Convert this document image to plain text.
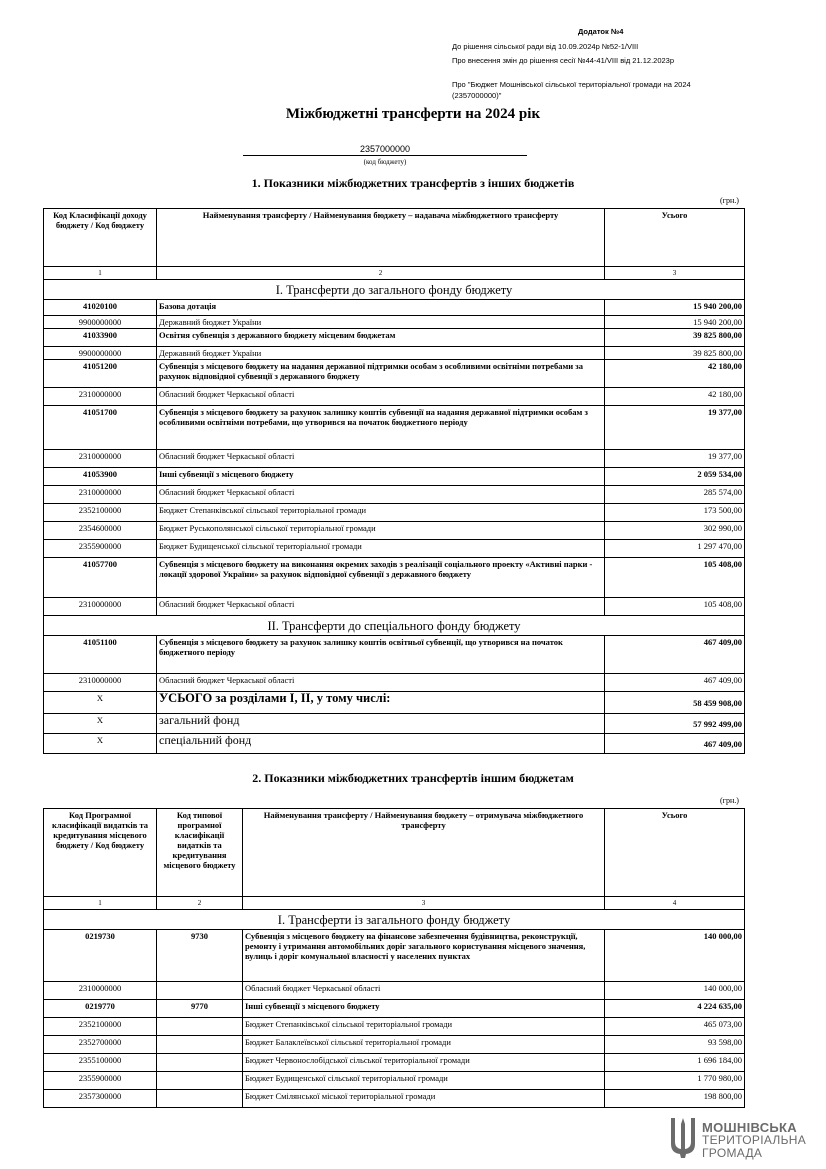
Додаток №4
До рішення сільської ради від 10.09.2024р №52-1/VIII
Про внесення змін до рішення сесії №44-41/VIII від 21.12.2023р
Про "Бюджет Мошнівської сільської територіальної громади на 2024
(2357000000)"
Міжбюджетні трансферти на 2024 рік
2357000000
(код бюджету)
1. Показники міжбюджетних трансфертів з інших бюджетів
(грн.)
Код Класифікації доходу бюджету / Код бюджету	Найменування трансферту / Найменування бюджету – надавача міжбюджетного трансферту	Усього
1	2	3
I. Трансферти до загального фонду бюджету		
41020100	Базова дотація	15 940 200,00
9900000000	Державний бюджет України	15 940 200,00
41033900	Освітня субвенція з державного бюджету місцевим бюджетам	39 825 800,00
9900000000	Державний бюджет України	39 825 800,00
41051200	Субвенція з місцевого бюджету на надання державної підтримки особам з особливими освітніми потребами за рахунок відповідної субвенції з державного бюджету	42 180,00
2310000000	Обласний бюджет Черкаської області	42 180,00
41051700	Субвенція з місцевого бюджету за рахунок залишку коштів субвенції на надання державної підтримки особам з особливими освітніми потребами, що утворився на початок бюджетного періоду	19 377,00
2310000000	Обласний бюджет Черкаської області	19 377,00
41053900	Інші субвенції з місцевого бюджету	2 059 534,00
2310000000	Обласний бюджет Черкаської області	285 574,00
2352100000	Бюджет Степанківської сільської територіальної громади	173 500,00
2354600000	Бюджет Руськополянської сільської територіальної громади	302 990,00
2355900000	Бюджет Будищенської сільської територіальної громади	1 297 470,00
41057700	Субвенція з місцевого бюджету на виконання окремих заходів з реалізації соціального проекту «Активні парки - локації здорової України» за рахунок відповідної субвенції з державного бюджету	105 408,00
2310000000	Обласний бюджет Черкаської області	105 408,00
II. Трансферти до спеціального фонду бюджету		
41051100	Субвенція з місцевого бюджету за рахунок залишку коштів освітньої субвенції, що утворився на початок бюджетного періоду	467 409,00
2310000000	Обласний бюджет Черкаської області	467 409,00
X	УСЬОГО за розділами І, ІІ, у тому числі:	58 459 908,00
X	загальний фонд	57 992 499,00
X	спеціальний фонд	467 409,00
2. Показники міжбюджетних трансфертів іншим бюджетам
(грн.)
Код Програмної класифікації видатків та кредитування місцевого бюджету / Код бюджету	Код типової програмної класифікації видатків та кредитування місцевого бюджету	Найменування трансферту / Найменування бюджету – отримувача міжбюджетного трансферту	Усього
1	2	3	4
I. Трансферти із загального фонду бюджету			
0219730	9730	Субвенція з місцевого бюджету на фінансове забезпечення будівництва, реконструкції, ремонту і утримання автомобільних доріг загального користування місцевого значення, вулиць і доріг комунальної власності у населених пунктах	140 000,00
2310000000		Обласний бюджет Черкаської області	140 000,00
0219770	9770	Інші субвенції з місцевого бюджету	4 224 635,00
2352100000		Бюджет Степанківської сільської територіальної громади	465 073,00
2352700000		Бюджет Балаклеївської сільської територіальної громади	93 598,00
2355100000		Бюджет Червонослобідської сільської територіальної громади	1 696 184,00
2355900000		Бюджет Будищенської сільської територіальної громади	1 770 980,00
2357300000		Бюджет Смілянської міської територіальної громади	198 800,00
МОШНІВСЬКА
ТЕРИТОРІАЛЬНА
ГРОМАДА
